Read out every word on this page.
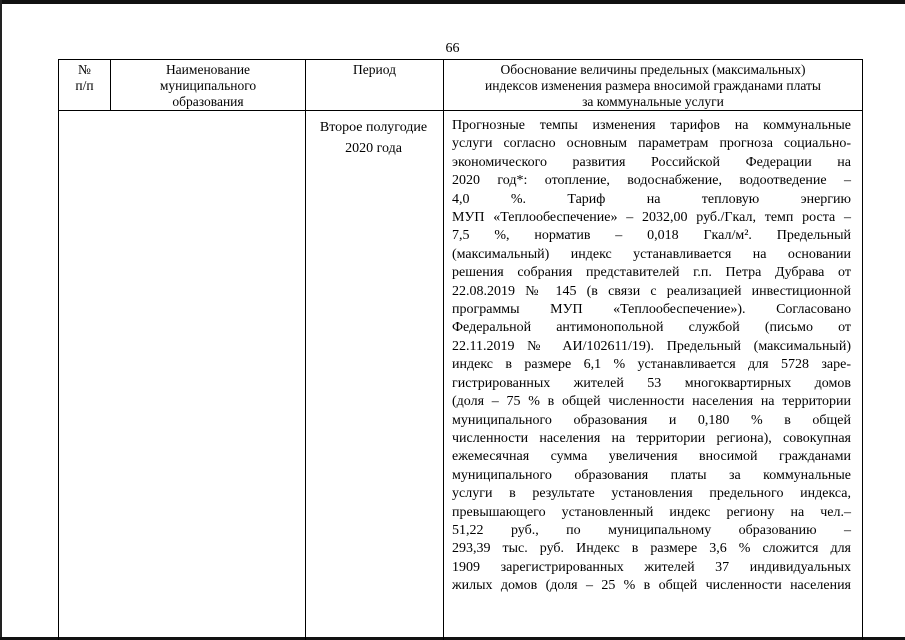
66
№
п/п
Наименование
муниципального
образования
Период	Обоснование величины предельных (максимальных)
индексов изменения размера вносимой гражданами платы
за коммунальные услуги
Второе полугодие
2020 года
Прогнозные темпы изменения тарифов на коммунальные
услуги согласно основным параметрам прогноза социально-
экономического развития Российской Федерации на
2020 год*: отопление, водоснабжение, водоотведение –
4,0 %. Тариф на тепловую энергию
МУП «Теплообеспечение» – 2032,00 руб./Гкал, темп роста –
7,5 %, норматив – 0,018 Гкал/м². Предельный
(максимальный) индекс устанавливается на основании
решения собрания представителей г.п. Петра Дубрава от
22.08.2019 № 145 (в связи с реализацией инвестиционной
программы МУП «Теплообеспечение»). Согласовано
Федеральной антимонопольной службой (письмо от
22.11.2019 № АИ/102611/19). Предельный (максимальный)
индекс в размере 6,1 % устанавливается для 5728 заре-
гистрированных жителей 53 многоквартирных домов
(доля – 75 % в общей численности населения на территории
муниципального образования и 0,180 % в общей
численности населения на территории региона), совокупная
ежемесячная сумма увеличения вносимой гражданами
муниципального образования платы за коммунальные
услуги в результате установления предельного индекса,
превышающего установленный индекс региону на чел.–
51,22 руб., по муниципальному образованию –
293,39 тыс. руб. Индекс в размере 3,6 % сложится для
1909 зарегистрированных жителей 37 индивидуальных
жилых домов (доля – 25 % в общей численности населения
